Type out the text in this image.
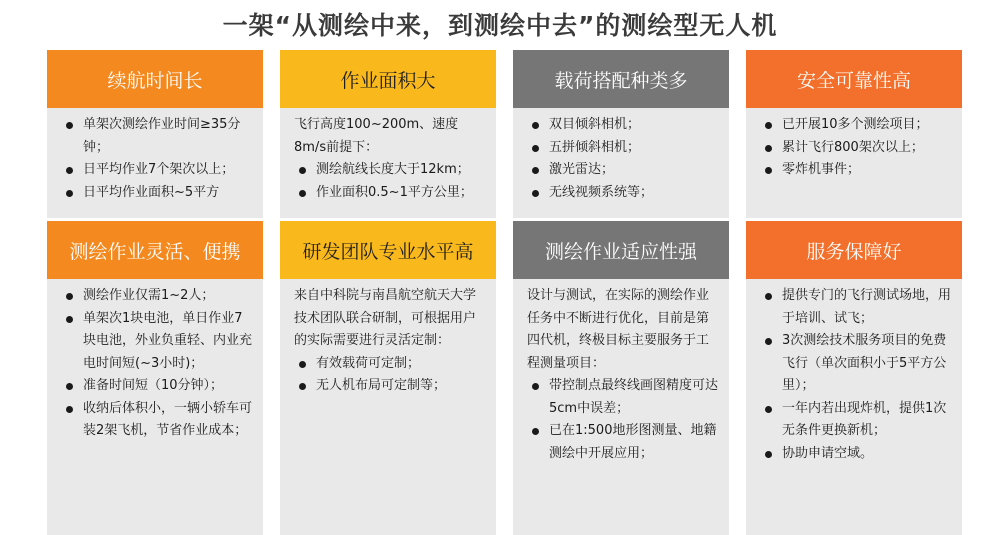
一架“从测绘中来，到测绘中去”的测绘型无人机
续航时间长
单架次测绘作业时间≥35分钟；
日平均作业7个架次以上；
日平均作业面积~5平方
作业面积大

飞行高度100~200m、速度8m/s前提下：

测绘航线长度大于12km；
作业面积0.5~1平方公里；
载荷搭配种类多
双目倾斜相机；
五拼倾斜相机；
激光雷达；
无线视频系统等；
安全可靠性高
已开展10多个测绘项目；
累计飞行800架次以上；
零炸机事件；
测绘作业灵活、便携
测绘作业仅需1~2人；
单架次1块电池，单日作业7块电池，外业负重轻、内业充电时间短(~3小时)；
准备时间短（10分钟）；
收纳后体积小，一辆小轿车可装2架飞机，节省作业成本；
研发团队专业水平高

来自中科院与南昌航空航天大学技术团队联合研制，可根据用户的实际需要进行灵活定制：

有效载荷可定制；
无人机布局可定制等；
测绘作业适应性强

设计与测试，在实际的测绘作业任务中不断进行优化，目前是第四代机，终极目标主要服务于工程测量项目：

带控制点最终线画图精度可达5cm中误差；
已在1:500地形图测量、地籍测绘中开展应用；
服务保障好
提供专门的飞行测试场地，用于培训、试飞；
3次测绘技术服务项目的免费飞行（单次面积小于5平方公里）；
一年内若出现炸机，提供1次无条件更换新机；
协助申请空域。
